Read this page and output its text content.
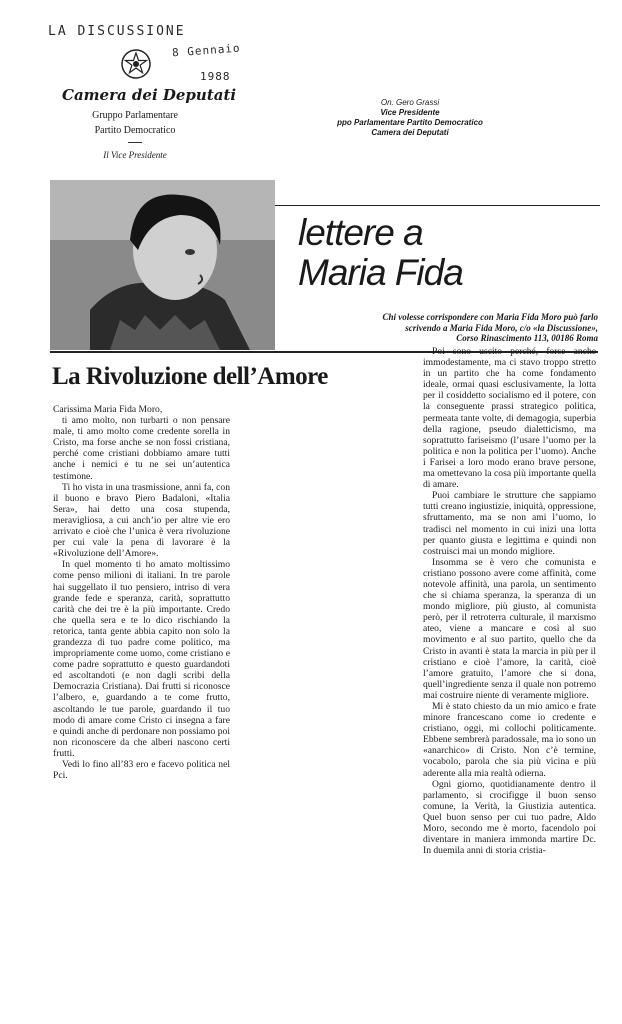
LA DISCUSSIONE
8 Gennaio
1988
Camera dei Deputati
Gruppo Parlamentare
Partito Democratico
Il Vice Presidente
On. Gero Grassi
Vice Presidente
ppo Parlamentare Partito Democratico
Camera dei Deputati
lettere a
Maria Fida
Chi volesse corrispondere con Maria Fida Moro può farlo
scrivendo a Maria Fida Moro, c/o «la Discussione»,
Corso Rinascimento 113, 00186 Roma
La Rivoluzione dell’Amore

Carissima Maria Fida Moro,

ti amo molto, non turbarti o non pensare male, ti amo molto come credente sorella in Cristo, ma forse anche se non fossi cristiana, perché come cristiani dobbiamo amare tutti anche i nemici e tu ne sei un’autentica testimone.

Ti ho vista in una trasmissione, anni fa, con il buono e bravo Piero Badaloni, «Italia Sera», hai detto una cosa stupenda, meravigliosa, a cui anch’io per altre vie ero arrivato e cioè che l’unica è vera rivoluzione per cui vale la pena di lavorare è la «Rivoluzione dell’Amore».

In quel momento ti ho amato moltissimo come penso milioni di italiani. In tre parole hai suggellato il tuo pensiero, intriso di vera grande fede e speranza, carità, soprattutto carità che dei tre è la più importante. Credo che quella sera e te lo dico rischiando la retorica, tanta gente abbia capito non solo la grandezza di tuo padre come politico, ma impropriamente come uomo, come cristiano e come padre soprattutto e questo guardandoti ed ascoltandoti (e non dagli scribi della Democrazia Cristiana). Dai frutti si riconosce l’albero, e, guardando a te come frutto, ascoltando le tue parole, guardando il tuo modo di amare come Cristo ci insegna a fare e quindi anche di perdonare non possiamo poi non riconoscere da che alberi nascono certi frutti.

Vedi lo fino all’83 ero e facevo politica nel Pci.

Poi sono uscito perché, forse anche immodestamente, ma ci stavo troppo stretto in un partito che ha come fondamento ideale, ormai quasi esclusivamente, la lotta per il cosiddetto socialismo ed il potere, con la conseguente prassi strategico politica, permeata tante volte, di demagogia, superbia della ragione, pseudo dialetticismo, ma soprattutto fariseismo (l’usare l’uomo per la politica e non la politica per l’uomo). Anche i Farisei a loro modo erano brave persone, ma omettevano la cosa più importante quella di amare.

Puoi cambiare le strutture che sappiamo tutti creano ingiustizie, iniquità, oppressione, sfruttamento, ma se non ami l’uomo, lo tradisci nel momento in cui inizi una lotta per quanto giusta e legittima e quindi non costruisci mai un mondo migliore.

Insomma se è vero che comunista e cristiano possono avere come affinità, come notevole affinità, una parola, un sentimento che si chiama speranza, la speranza di un mondo migliore, più giusto, al comunista però, per il retroterra culturale, il marxismo ateo, viene a mancare e così al suo movimento e al suo partito, quello che da Cristo in avanti è stata la marcia in più per il cristiano e cioè l’amore, la carità, cioè l’amore gratuito, l’amore che si dona, quell’ingrediente senza il quale non potremo mai costruire niente di veramente migliore.

Mi è stato chiesto da un mio amico e frate minore francescano come io credente e cristiano, oggi, mi collochi politicamente. Ebbene sembrerà paradossale, ma io sono un «anarchico» di Cristo. Non c’è termine, vocabolo, parola che sia più vicina e più aderente alla mia realtà odierna.

Ogni giorno, quotidianamente dentro il parlamento, si crocifigge il buon senso comune, la Verità, la Giustizia autentica. Quel buon senso per cui tuo padre, Aldo Moro, secondo me è morto, facendolo poi diventare in maniera immonda martire Dc. In duemila anni di storia cristia-
